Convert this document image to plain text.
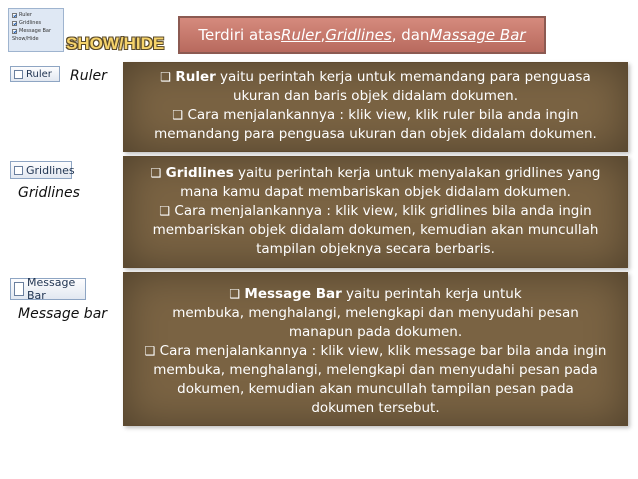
Ruler
Gridlines
Message Bar
Show/Hide SHOW/HIDE Terdiri atas Ruler , Gridlines , dan Massage Bar
Ruler Ruler	❑ Ruler yaitu perintah kerja untuk memandang para penguasa

ukuran dan baris objek didalam dokumen.

❑ Cara menjalankannya : klik view, klik ruler bila anda ingin

memandang para penguasa ukuran dan objek didalam dokumen.

Gridlines
Gridlines

❑ Gridlines yaitu perintah kerja untuk menyalakan gridlines yang

mana kamu dapat membariskan objek didalam dokumen.

❑ Cara menjalankannya : klik view, klik gridlines bila anda ingin

membariskan objek didalam dokumen, kemudian akan muncullah

tampilan objeknya secara berbaris.

Message Bar
Message bar

❑ Message Bar yaitu perintah kerja untuk

membuka, menghalangi, melengkapi dan menyudahi pesan

manapun pada dokumen.

❑ Cara menjalankannya : klik view, klik message bar bila anda ingin

membuka, menghalangi, melengkapi dan menyudahi pesan pada

dokumen, kemudian akan muncullah tampilan pesan pada

dokumen tersebut.
